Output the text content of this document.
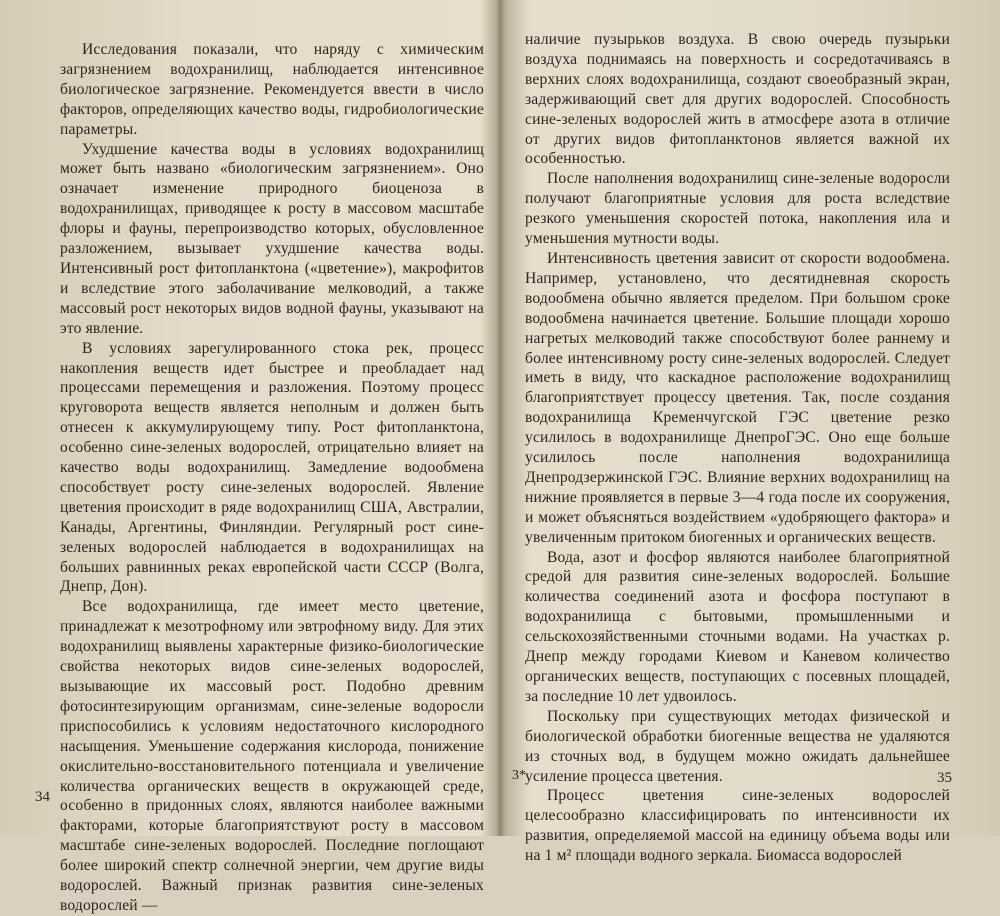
Исследования показали, что наряду с химическим загрязнением водохранилищ, наблюдается интенсивное биологическое загрязнение. Рекомендуется ввести в число факторов, определяющих качество воды, гидробиологические параметры.

Ухудшение качества воды в условиях водохранилищ может быть названо «биологическим загрязнением». Оно означает изменение природного биоценоза в водохранилищах, приводящее к росту в массовом масштабе флоры и фауны, перепроизводство которых, обусловленное разложением, вызывает ухудшение качества воды. Интенсивный рост фитопланктона («цветение»), макрофитов и вследствие этого заболачивание мелководий, а также массовый рост некоторых видов водной фауны, указывают на это явление.

В условиях зарегулированного стока рек, процесс накопления веществ идет быстрее и преобладает над процессами перемещения и разложения. Поэтому процесс круговорота веществ является неполным и должен быть отнесен к аккумулирующему типу. Рост фитопланктона, особенно сине-зеленых водорослей, отрицательно влияет на качество воды водохранилищ. Замедление водообмена способствует росту сине-зеленых водорослей. Явление цветения происходит в ряде водохранилищ США, Австралии, Канады, Аргентины, Финляндии. Регулярный рост сине-зеленых водорослей наблюдается в водохранилищах на больших равнинных реках европейской части СССР (Волга, Днепр, Дон).

Все водохранилища, где имеет место цветение, принадлежат к мезотрофному или эвтрофному виду. Для этих водохранилищ выявлены характерные физико-биологические свойства некоторых видов сине-зеленых водорослей, вызывающие их массовый рост. Подобно древним фотосинтезирующим организмам, сине-зеленые водоросли приспособились к условиям недостаточного кислородного насыщения. Уменьшение содержания кислорода, понижение окислительно-восстановительного потенциала и увеличение количества органических веществ в окружающей среде, особенно в придонных слоях, являются наиболее важными факторами, которые благоприятствуют росту в массовом масштабе сине-зеленых водорослей. Последние поглощают более широкий спектр солнечной энергии, чем другие виды водорослей. Важный признак развития сине-зеленых водорослей —

34

наличие пузырьков воздуха. В свою очередь пузырьки воздуха поднимаясь на поверхность и сосредотачиваясь в верхних слоях водохранилища, создают своеобразный экран, задерживающий свет для других водорослей. Способность сине-зеленых водорослей жить в атмосфере азота в отличие от других видов фитопланктонов является важной их особенностью.

После наполнения водохранилищ сине-зеленые водоросли получают благоприятные условия для роста вследствие резкого уменьшения скоростей потока, накопления ила и уменьшения мутности воды.

Интенсивность цветения зависит от скорости водообмена. Например, установлено, что десятидневная скорость водообмена обычно является пределом. При большом сроке водообмена начинается цветение. Большие площади хорошо нагретых мелководий также способствуют более раннему и более интенсивному росту сине-зеленых водорослей. Следует иметь в виду, что каскадное расположение водохранилищ благоприятствует процессу цветения. Так, после создания водохранилища Кременчугской ГЭС цветение резко усилилось в водохранилище ДнепроГЭС. Оно еще больше усилилось после наполнения водохранилища Днепродзержинской ГЭС. Влияние верхних водохранилищ на нижние проявляется в первые 3—4 года после их сооружения, и может объясняться воздействием «удобряющего фактора» и увеличенным притоком биогенных и органических веществ.

Вода, азот и фосфор являются наиболее благоприятной средой для развития сине-зеленых водорослей. Большие количества соединений азота и фосфора поступают в водохранилища с бытовыми, промышленными и сельскохозяйственными сточными водами. На участках р. Днепр между городами Киевом и Каневом количество органических веществ, поступающих с посевных площадей, за последние 10 лет удвоилось.

Поскольку при существующих методах физической и биологической обработки биогенные вещества не удаляются из сточных вод, в будущем можно ожидать дальнейшее усиление процесса цветения.

Процесс цветения сине-зеленых водорослей целесообразно классифицировать по интенсивности их развития, определяемой массой на единицу объема воды или на 1 м² площади водного зеркала. Биомасса водорослей

3*	35
